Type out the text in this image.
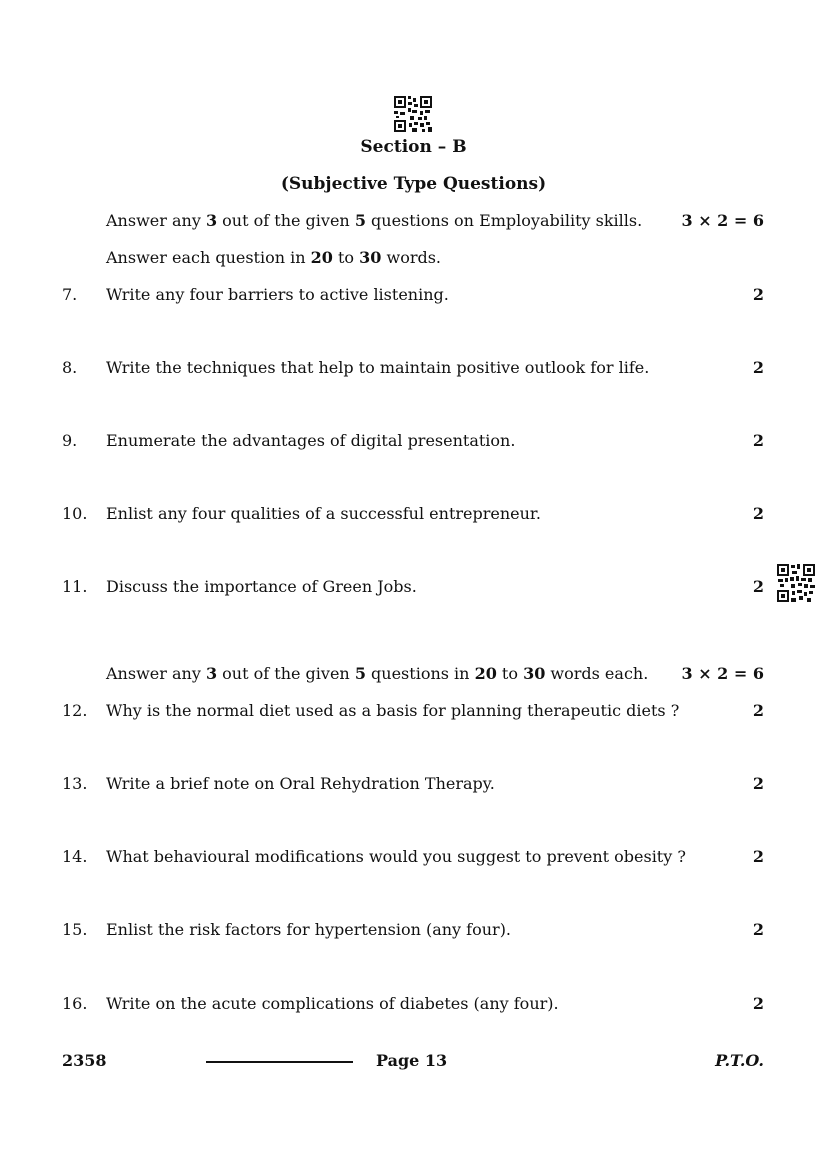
Section – B
(Subjective Type Questions)
Answer any 3 out of the given 5 questions on Employability skills. 3 × 2 = 6
Answer each question in 20 to 30 words.
7.	Write any four barriers to active listening.	2
8.	Write the techniques that help to maintain positive outlook for life.	2
9.	Enumerate the advantages of digital presentation.	2
10.	Enlist any four qualities of a successful entrepreneur.	2
11.	Discuss the importance of Green Jobs.	2
Answer any 3 out of the given 5 questions in 20 to 30 words each. 3 × 2 = 6
12.	Why is the normal diet used as a basis for planning therapeutic diets ?	2
13.	Write a brief note on Oral Rehydration Therapy.	2
14.	What behavioural modifications would you suggest to prevent obesity ?	2
15.	Enlist the risk factors for hypertension (any four).	2
16.	Write on the acute complications of diabetes (any four).	2
2358	Page 13	P.T.O.
